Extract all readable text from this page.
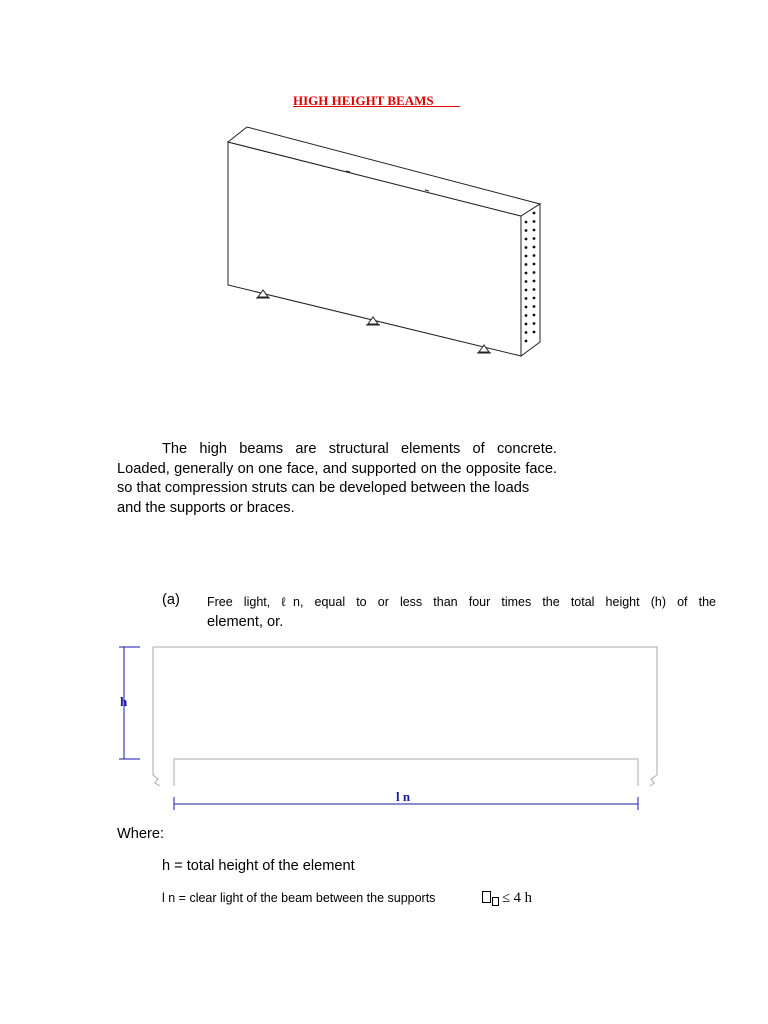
HIGH HEIGHT BEAMS____
The high beams are structural elements of concrete.
Loaded, generally on one face, and supported on the opposite face.
so that compression struts can be developed between the loads
and the supports or braces.
(a) Free light, ℓn, equal to or less than four times the total height (h) of the
element, or.
h
l n
Where:
h = total height of the element
l n = clear light of the beam between the supports	≤ 4 h
